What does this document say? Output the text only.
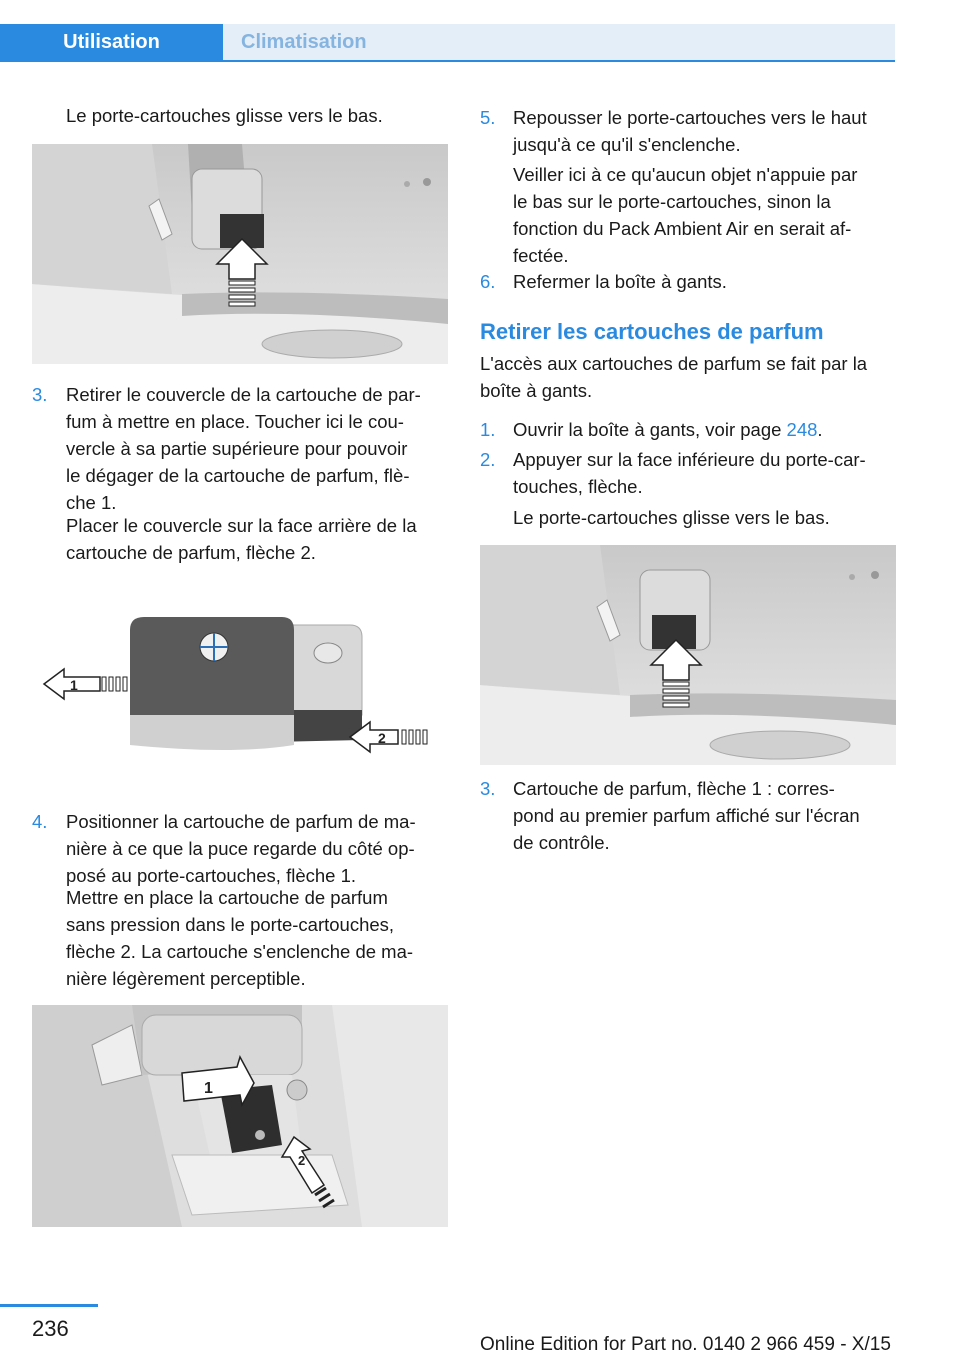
Utilisation	Climatisation
Le porte-cartouches glisse vers le bas.
3. Retirer le couvercle de la cartouche de par-
fum à mettre en place. Toucher ici le cou-
vercle à sa partie supérieure pour pouvoir
le dégager de la cartouche de parfum, flè-
che 1.
Placer le couvercle sur la face arrière de la
cartouche de parfum, flèche 2.
1
2
4. Positionner la cartouche de parfum de ma-
nière à ce que la puce regarde du côté op-
posé au porte-cartouches, flèche 1.
Mettre en place la cartouche de parfum
sans pression dans le porte-cartouches,
flèche 2. La cartouche s'enclenche de ma-
nière légèrement perceptible.
1
2
5. Repousser le porte-cartouches vers le haut
jusqu'à ce qu'il s'enclenche.
Veiller ici à ce qu'aucun objet n'appuie par
le bas sur le porte-cartouches, sinon la
fonction du Pack Ambient Air en serait af-
fectée.
6. Refermer la boîte à gants.
Retirer les cartouches de parfum
L'accès aux cartouches de parfum se fait par la
boîte à gants.
1. Ouvrir la boîte à gants, voir page 248.
2. Appuyer sur la face inférieure du porte-car-
touches, flèche.
Le porte-cartouches glisse vers le bas.
3. Cartouche de parfum, flèche 1 : corres-
pond au premier parfum affiché sur l'écran
de contrôle.
236
Online Edition for Part no. 0140 2 966 459 - X/15
